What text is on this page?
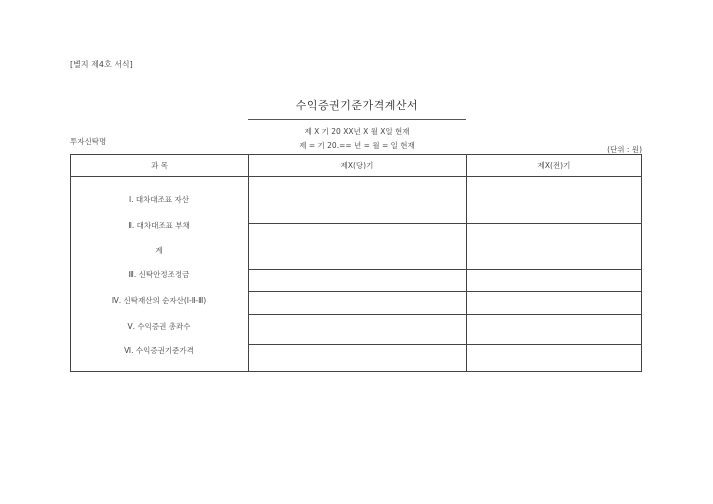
[별지 제4호 서식]
수익증권기준가격계산서
제 X 기 20 XX년 X 월 X일 현재
제 = 기 20.== 년 = 월 = 일 현재
투자신탁명
(단위 : 원)
과 목	제X(당)기	제X(전)기
Ⅰ. 대차대조표 자산
Ⅱ. 대차대조표 부채
계
Ⅲ. 신탁안정조정금
Ⅳ. 신탁재산의 순자산(Ⅰ-Ⅱ-Ⅲ)
Ⅴ. 수익증권 총좌수
Ⅵ. 수익증권기준가격
